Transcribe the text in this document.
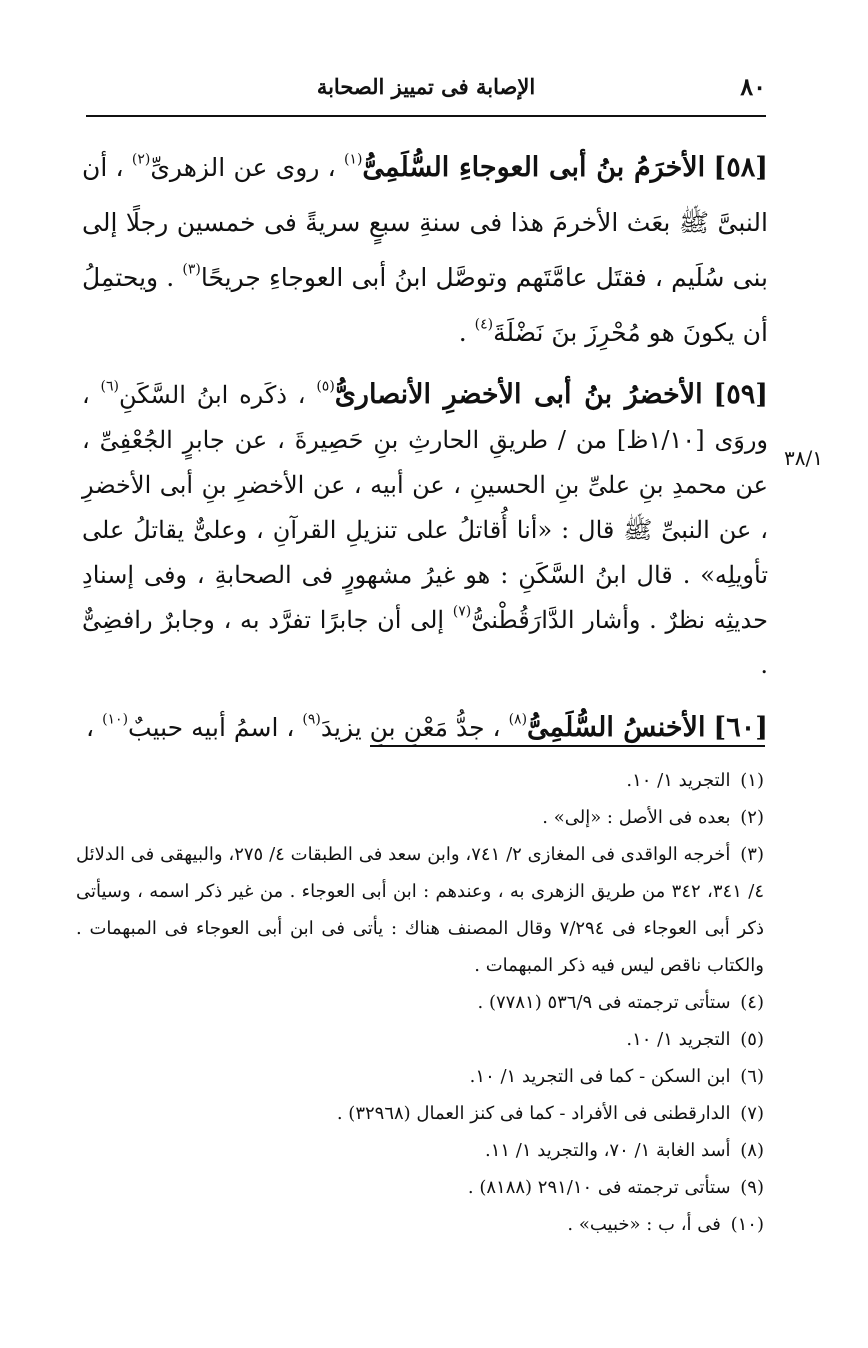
٨٠
الإصابة فى تمييز الصحابة
٣٨/١

[٥٨] الأخرَمُ بنُ أبى العوجاءِ السُّلَمِىُّ$^{(١)}$ ، روى عن الزهرىِّ$^{(٢)}$ ، أن النبىَّ ﷺ بعَث الأخرمَ هذا فى سنةِ سبعٍ سريةً فى خمسين رجلًا إلى بنى سُلَيم ، فقتَل عامَّتَهم وتوصَّل ابنُ أبى العوجاءِ جريحًا$^{(٣)}$ . ويحتمِلُ أن يكونَ هو مُحْرِزَ بنَ نَضْلَةَ$^{(٤)}$ .

[٥٩] الأخضرُ بنُ أبى الأخضرِ الأنصارىُّ$^{(٥)}$ ، ذكَره ابنُ السَّكَنِ$^{(٦)}$ ، وروَى [١/١٠ظ] من / طريقِ الحارثِ بنِ حَصِيرةَ ، عن جابرٍ الجُعْفِىِّ ، عن محمدِ بنِ علىِّ بنِ الحسينِ ، عن أبيه ، عن الأخضرِ بنِ أبى الأخضرِ ، عن النبىِّ ﷺ قال : «أنا أُقاتلُ على تنزيلِ القرآنِ ، وعلىٌّ يقاتلُ على تأويلِه» . قال ابنُ السَّكَنِ : هو غيرُ مشهورٍ فى الصحابةِ ، وفى إسنادِ حديثِه نظرٌ . وأشار الدَّارَقُطْنىُّ$^{(٧)}$ إلى أن جابرًا تفرَّد به ، وجابرٌ رافضِىٌّ .

[٦٠] الأخنسُ السُّلَمِىُّ$^{(٨)}$ ، جدُّ مَعْنِ بنِ يزيدَ$^{(٩)}$ ، اسمُ أبيه حبيبٌ$^{(١٠)}$ ،

(١) التجريد ١/ ١٠.
(٢) بعده فى الأصل : «إلى» .
(٣) أخرجه الواقدى فى المغازى ٢/ ٧٤١، وابن سعد فى الطبقات ٤/ ٢٧٥، والبيهقى فى الدلائل ٤/ ٣٤١، ٣٤٢ من طريق الزهرى به ، وعندهم : ابن أبى العوجاء . من غير ذكر اسمه ، وسيأتى ذكر أبى العوجاء فى ٧/٢٩٤ وقال المصنف هناك : يأتى فى ابن أبى العوجاء فى المبهمات . والكتاب ناقص ليس فيه ذكر المبهمات .
(٤) ستأتى ترجمته فى ٥٣٦/٩ (٧٧٨١) .
(٥) التجريد ١/ ١٠.
(٦) ابن السكن - كما فى التجريد ١/ ١٠.
(٧) الدارقطنى فى الأفراد - كما فى كنز العمال (٣٢٩٦٨) .
(٨) أسد الغابة ١/ ٧٠، والتجريد ١/ ١١.
(٩) ستأتى ترجمته فى ٢٩١/١٠ (٨١٨٨) .
(١٠) فى أ، ب : «خبيب» .
